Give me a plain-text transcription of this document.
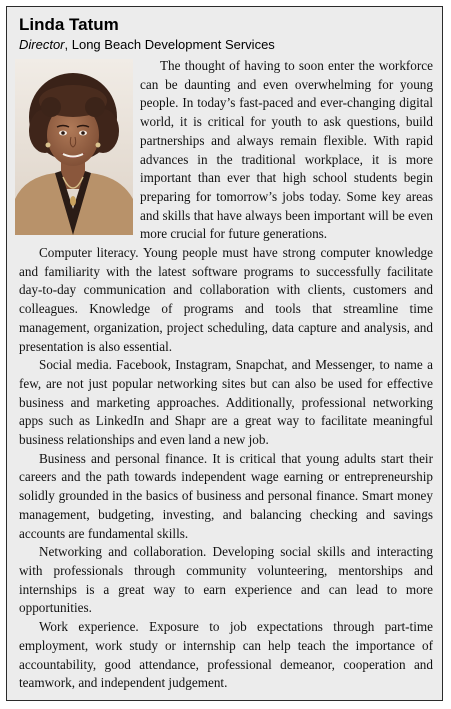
Linda Tatum

Director, Long Beach Development Services

The thought of having to soon enter the workforce can be daunting and even overwhelming for young people. In today’s fast-paced and ever-changing digital world, it is critical for youth to ask questions, build partnerships and always remain flexible. With rapid advances in the traditional workplace, it is more important than ever that high school students begin preparing for tomorrow’s jobs today. Some key areas and skills that have always been important will be even more crucial for future generations.

Computer literacy. Young people must have strong computer knowledge and familiarity with the latest software programs to successfully facilitate day-to-day communication and collaboration with clients, customers and colleagues. Knowledge of programs and tools that streamline time management, organization, project scheduling, data capture and analysis, and presentation is also essential.

Social media. Facebook, Instagram, Snapchat, and Messenger, to name a few, are not just popular networking sites but can also be used for effective business and marketing approaches. Additionally, professional networking apps such as LinkedIn and Shapr are a great way to facilitate meaningful business relationships and even land a new job.

Business and personal finance. It is critical that young adults start their careers and the path towards independent wage earning or entrepreneurship solidly grounded in the basics of business and personal finance. Smart money management, budgeting, investing, and balancing checking and savings accounts are fundamental skills.

Networking and collaboration. Developing social skills and interacting with professionals through community volunteering, mentorships and internships is a great way to earn experience and can lead to more opportunities.

Work experience. Exposure to job expectations through part-time employment, work study or internship can help teach the importance of accountability, good attendance, professional demeanor, cooperation and teamwork, and independent judgement.
